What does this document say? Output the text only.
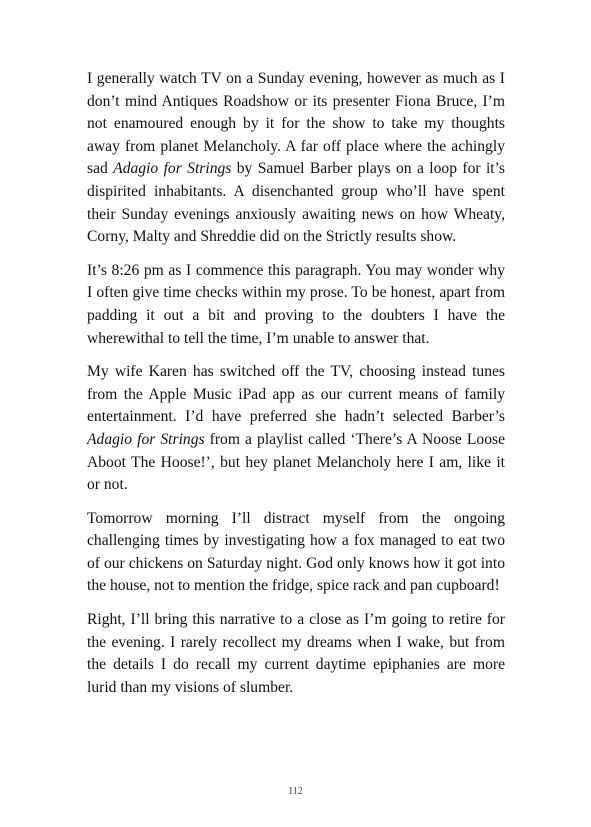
I generally watch TV on a Sunday evening, however as much as I don’t mind Antiques Roadshow or its presenter Fiona Bruce, I’m not enamoured enough by it for the show to take my thoughts away from planet Melancholy. A far off place where the achingly sad Adagio for Strings by Samuel Barber plays on a loop for it’s dispirited inhabitants. A disenchanted group who’ll have spent their Sunday evenings anxiously awaiting news on how Wheaty, Corny, Malty and Shreddie did on the Strictly results show.

It’s 8:26 pm as I commence this paragraph. You may wonder why I often give time checks within my prose. To be honest, apart from padding it out a bit and proving to the doubters I have the wherewithal to tell the time, I’m unable to answer that.

My wife Karen has switched off the TV, choosing instead tunes from the Apple Music iPad app as our current means of family entertainment. I’d have preferred she hadn’t selected Barber’s Adagio for Strings from a playlist called ‘There’s A Noose Loose Aboot The Hoose!’, but hey planet Melancholy here I am, like it or not.

Tomorrow morning I’ll distract myself from the ongoing challenging times by investigating how a fox managed to eat two of our chickens on Saturday night. God only knows how it got into the house, not to mention the fridge, spice rack and pan cupboard!

Right, I’ll bring this narrative to a close as I’m going to retire for the evening. I rarely recollect my dreams when I wake, but from the details I do recall my current daytime epiphanies are more lurid than my visions of slumber.

112
